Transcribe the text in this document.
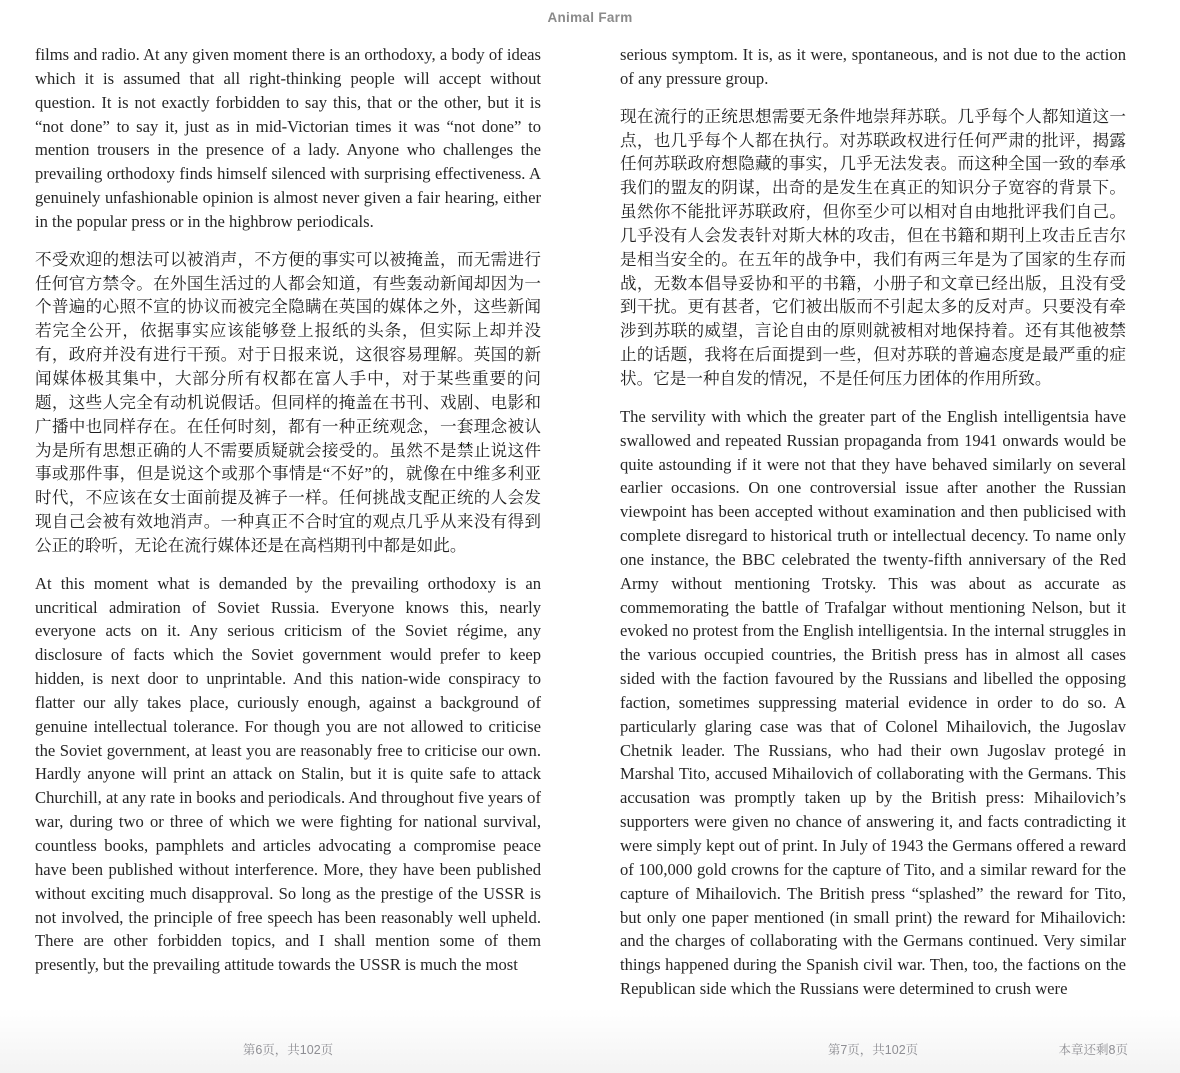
Animal Farm

films and radio. At any given moment there is an orthodoxy, a body of ideas which it is assumed that all right-thinking people will accept without question. It is not exactly forbidden to say this, that or the other, but it is “not done” to say it, just as in mid-Victorian times it was “not done” to mention trousers in the presence of a lady. Anyone who challenges the prevailing orthodoxy finds himself silenced with surprising effectiveness. A genuinely unfashionable opinion is almost never given a fair hearing, either in the popular press or in the highbrow periodicals.

不受欢迎的想法可以被消声，不方便的事实可以被掩盖，而无需进行任何官方禁令。在外国生活过的人都会知道，有些轰动新闻却因为一个普遍的心照不宣的协议而被完全隐瞒在英国的媒体之外，这些新闻若完全公开，依据事实应该能够登上报纸的头条，但实际上却并没有，政府并没有进行干预。对于日报来说，这很容易理解。英国的新闻媒体极其集中，大部分所有权都在富人手中，对于某些重要的问题，这些人完全有动机说假话。但同样的掩盖在书刊、戏剧、电影和广播中也同样存在。在任何时刻，都有一种正统观念，一套理念被认为是所有思想正确的人不需要质疑就会接受的。虽然不是禁止说这件事或那件事，但是说这个或那个事情是“不好”的，就像在中维多利亚时代，不应该在女士面前提及裤子一样。任何挑战支配正统的人会发现自己会被有效地消声。一种真正不合时宜的观点几乎从来没有得到公正的聆听，无论在流行媒体还是在高档期刊中都是如此。

At this moment what is demanded by the prevailing orthodoxy is an uncritical admiration of Soviet Russia. Everyone knows this, nearly everyone acts on it. Any serious criticism of the Soviet régime, any disclosure of facts which the Soviet government would prefer to keep hidden, is next door to unprintable. And this nation-wide conspiracy to flatter our ally takes place, curiously enough, against a background of genuine intellectual tolerance. For though you are not allowed to criticise the Soviet government, at least you are reasonably free to criticise our own. Hardly anyone will print an attack on Stalin, but it is quite safe to attack Churchill, at any rate in books and periodicals. And throughout five years of war, during two or three of which we were fighting for national survival, countless books, pamphlets and articles advocating a compromise peace have been published without interference. More, they have been published without exciting much disapproval. So long as the prestige of the USSR is not involved, the principle of free speech has been reasonably well upheld. There are other forbidden topics, and I shall mention some of them presently, but the prevailing attitude towards the USSR is much the most

serious symptom. It is, as it were, spontaneous, and is not due to the action of any pressure group.

现在流行的正统思想需要无条件地崇拜苏联。几乎每个人都知道这一点，也几乎每个人都在执行。对苏联政权进行任何严肃的批评，揭露任何苏联政府想隐藏的事实，几乎无法发表。而这种全国一致的奉承我们的盟友的阴谋，出奇的是发生在真正的知识分子宽容的背景下。虽然你不能批评苏联政府，但你至少可以相对自由地批评我们自己。几乎没有人会发表针对斯大林的攻击，但在书籍和期刊上攻击丘吉尔是相当安全的。在五年的战争中，我们有两三年是为了国家的生存而战，无数本倡导妥协和平的书籍，小册子和文章已经出版，且没有受到干扰。更有甚者，它们被出版而不引起太多的反对声。只要没有牵涉到苏联的威望，言论自由的原则就被相对地保持着。还有其他被禁止的话题，我将在后面提到一些，但对苏联的普遍态度是最严重的症状。它是一种自发的情况，不是任何压力团体的作用所致。

The servility with which the greater part of the English intelligentsia have swallowed and repeated Russian propaganda from 1941 onwards would be quite astounding if it were not that they have behaved similarly on several earlier occasions. On one controversial issue after another the Russian viewpoint has been accepted without examination and then publicised with complete disregard to historical truth or intellectual decency. To name only one instance, the BBC celebrated the twenty-fifth anniversary of the Red Army without mentioning Trotsky. This was about as accurate as commemorating the battle of Trafalgar without mentioning Nelson, but it evoked no protest from the English intelligentsia. In the internal struggles in the various occupied countries, the British press has in almost all cases sided with the faction favoured by the Russians and libelled the opposing faction, sometimes suppressing material evidence in order to do so. A particularly glaring case was that of Colonel Mihailovich, the Jugoslav Chetnik leader. The Russians, who had their own Jugoslav protegé in Marshal Tito, accused Mihailovich of collaborating with the Germans. This accusation was promptly taken up by the British press: Mihailovich’s supporters were given no chance of answering it, and facts contradicting it were simply kept out of print. In July of 1943 the Germans offered a reward of 100,000 gold crowns for the capture of Tito, and a similar reward for the capture of Mihailovich. The British press “splashed” the reward for Tito, but only one paper mentioned (in small print) the reward for Mihailovich: and the charges of collaborating with the Germans continued. Very similar things happened during the Spanish civil war. Then, too, the factions on the Republican side which the Russians were determined to crush were

第6页，共102页	第7页，共102页	本章还剩8页
